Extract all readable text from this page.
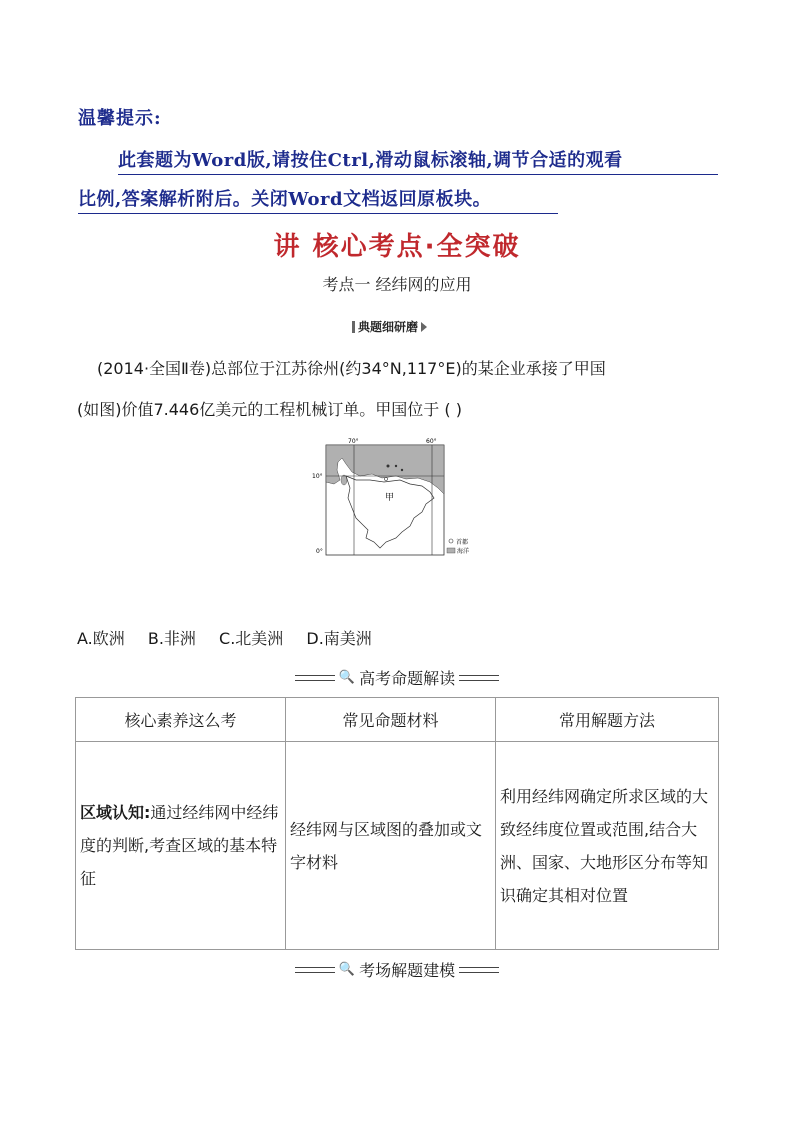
温馨提示:
此套题为Word版,请按住Ctrl,滑动鼠标滚轴,调节合适的观看
比例,答案解析附后。关闭Word文档返回原板块。
讲 核心考点·全突破
考点一 经纬网的应用
典题细研磨
(2014·全国Ⅱ卷)总部位于江苏徐州(约34°N,117°E)的某企业承接了甲国
(如图)价值7.446亿美元的工程机械订单。甲国位于 ( )
70°	60°
10°
0°
甲
首都
海洋
A.欧洲 B.非洲 C.北美洲 D.南美洲
🔍 高考命题解读
核心素养这么考	常见命题材料	常用解题方法
区域认知:通过经纬网中经纬度的判断,考查区域的基本特征	经纬网与区域图的叠加或文字材料	利用经纬网确定所求区域的大致经纬度位置或范围,结合大洲、国家、大地形区分布等知识确定其相对位置
🔍 考场解题建模
